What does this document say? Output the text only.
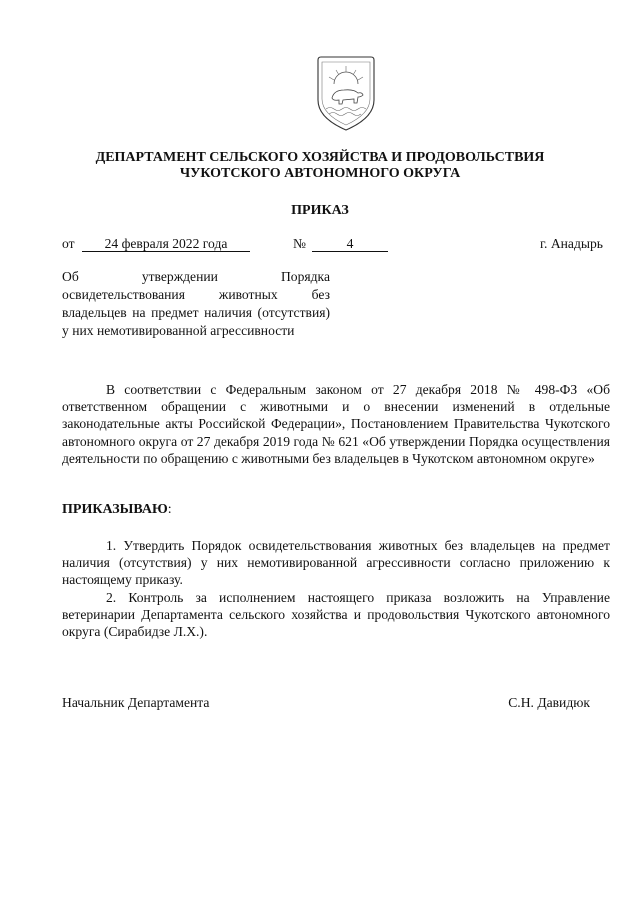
ДЕПАРТАМЕНТ СЕЛЬСКОГО ХОЗЯЙСТВА И ПРОДОВОЛЬСТВИЯ
ЧУКОТСКОГО АВТОНОМНОГО ОКРУГА
ПРИКАЗ
от	24 февраля 2022 года	№	4	г. Анадырь
Об утверждении Порядка освидетельствования животных без владельцев на предмет наличия (отсутствия) у них немотивированной агрессивности

В соответствии с Федеральным законом от 27 декабря 2018 № 498-ФЗ «Об ответственном обращении с животными и о внесении изменений в отдельные законодательные акты Российской Федерации», Постановлением Правительства Чукотского автономного округа от 27 декабря 2019 года № 621 «Об утверждении Порядка осуществления деятельности по обращению с животными без владельцев в Чукотском автономном округе»

ПРИКАЗЫВАЮ:

1. Утвердить Порядок освидетельствования животных без владельцев на предмет наличия (отсутствия) у них немотивированной агрессивности согласно приложению к настоящему приказу.

2. Контроль за исполнением настоящего приказа возложить на Управление ветеринарии Департамента сельского хозяйства и продовольствия Чукотского автономного округа (Сирабидзе Л.Х.).

Начальник Департамента	С.Н. Давидюк
